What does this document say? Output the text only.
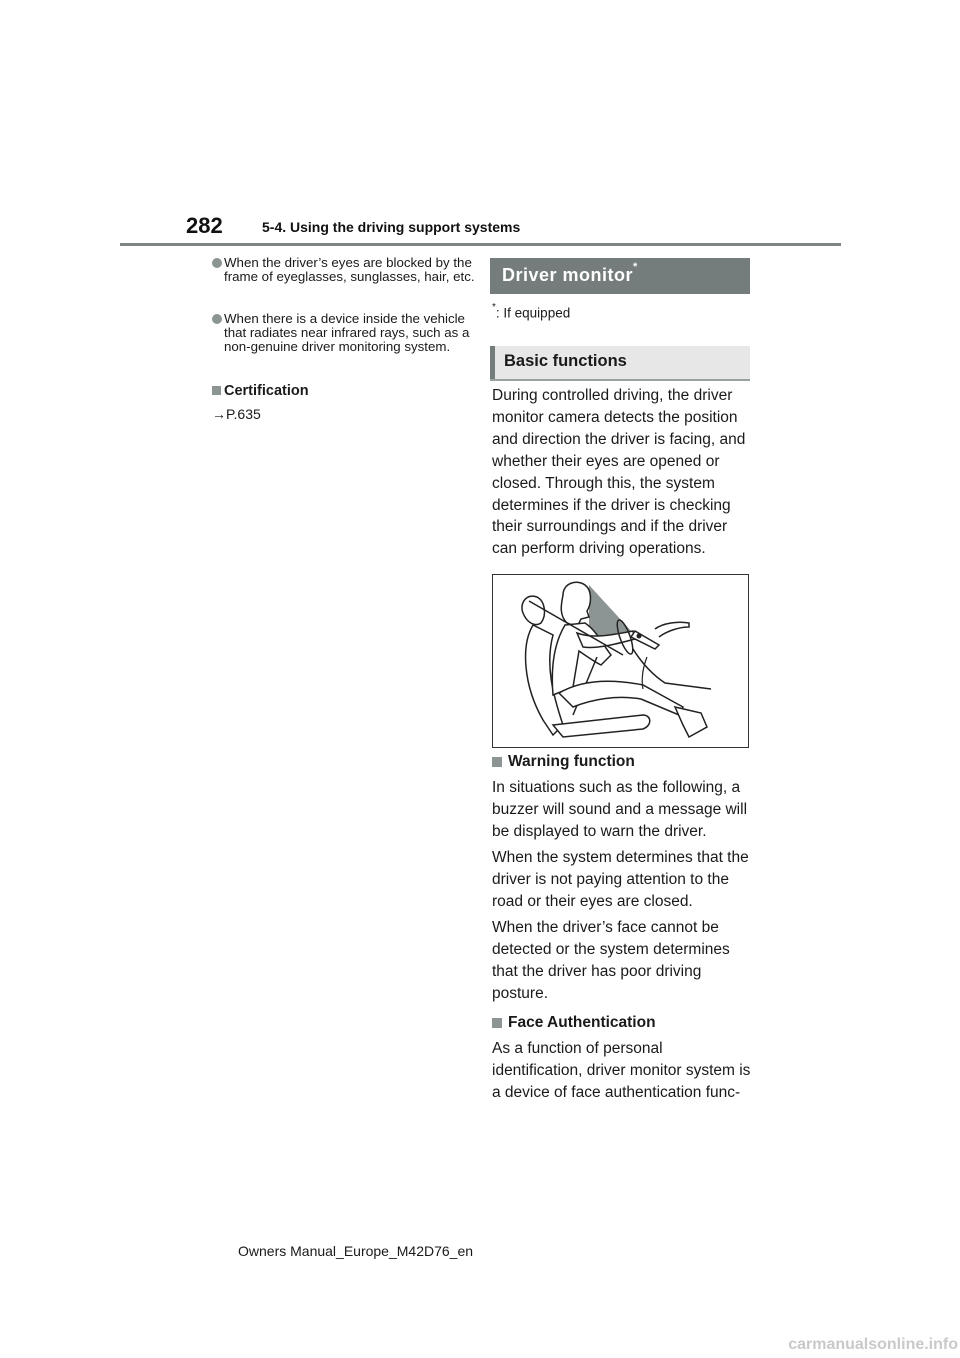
282	5-4. Using the driving support systems
When the driver’s eyes are blocked by the frame of eyeglasses, sunglasses, hair, etc.
When there is a device inside the vehicle that radiates near infrared rays, such as a non-genuine driver monitoring system.
Certification
→P.635
Driver monitor*
*: If equipped
Basic functions
During controlled driving, the driver monitor camera detects the position and direction the driver is facing, and whether their eyes are opened or closed. Through this, the system determines if the driver is checking their surroundings and if the driver can perform driving operations.
Warning function
In situations such as the following, a buzzer will sound and a message will be displayed to warn the driver.
When the system determines that the driver is not paying attention to the road or their eyes are closed.
When the driver’s face cannot be detected or the system determines that the driver has poor driving posture.
Face Authentication
As a function of personal identification, driver monitor system is a device of face authentication func-
Owners Manual_Europe_M42D76_en
carmanualsonline.info
